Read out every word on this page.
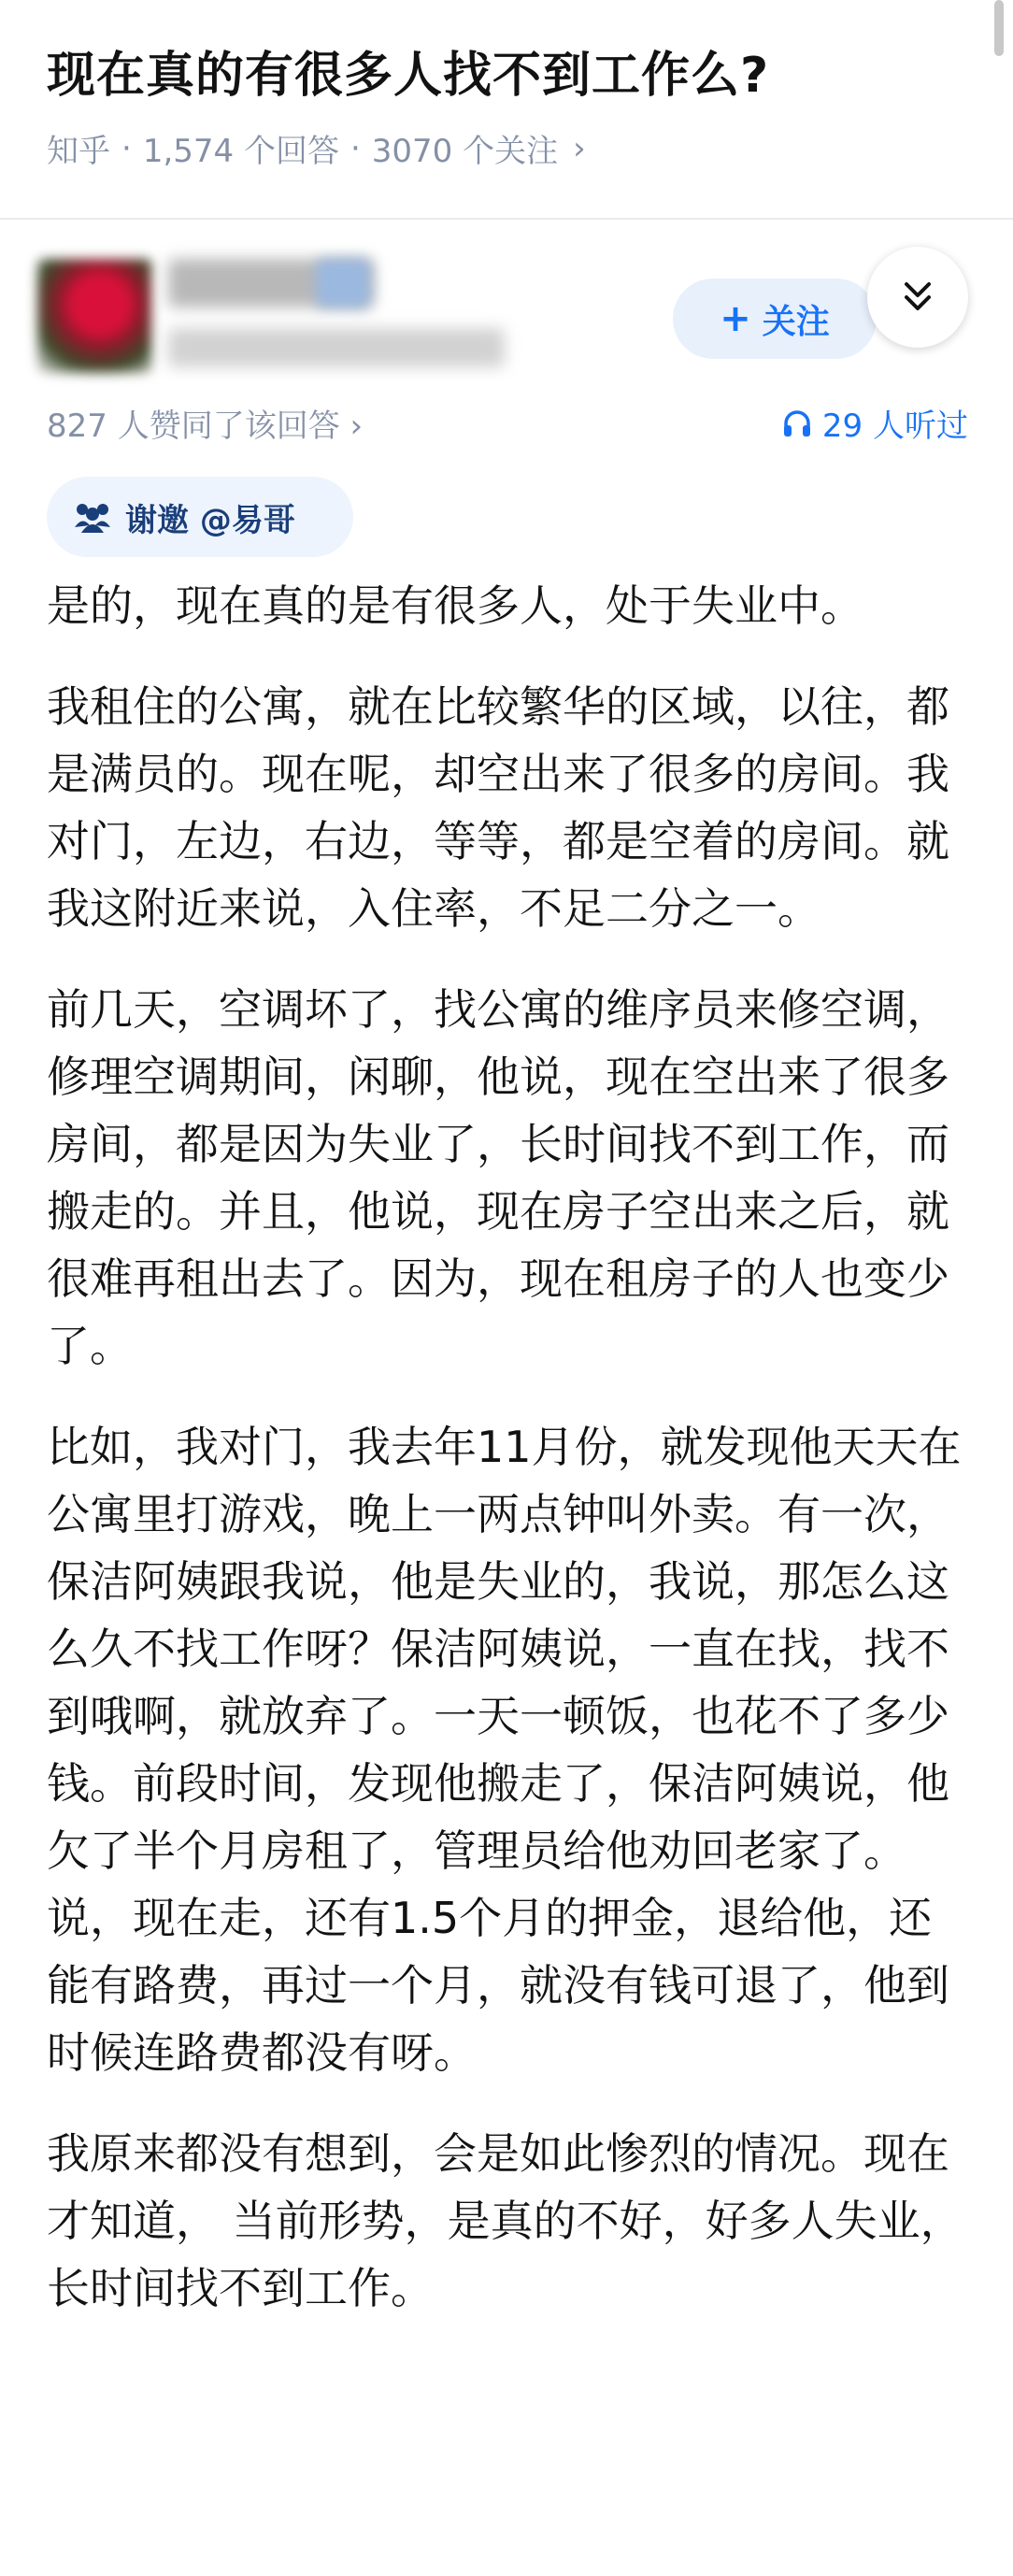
现在真的有很多人找不到工作么?
知乎 · 1,574 个回答 · 3070 个关注 ›
+ 关注
827 人赞同了该回答 ›	29 人听过
谢邀 @易哥

是的，现在真的是有很多人，处于失业中。

我租住的公寓，就在比较繁华的区域，以往，都是满员的。现在呢，却空出来了很多的房间。我对门，左边，右边，等等，都是空着的房间。就我这附近来说，入住率，不足二分之一。

前几天，空调坏了，找公寓的维序员来修空调，修理空调期间，闲聊，他说，现在空出来了很多房间，都是因为失业了，长时间找不到工作，而搬走的。并且，他说，现在房子空出来之后，就很难再租出去了。因为，现在租房子的人也变少了。

比如，我对门，我去年11月份，就发现他天天在公寓里打游戏，晚上一两点钟叫外卖。有一次，保洁阿姨跟我说，他是失业的，我说，那怎么这么久不找工作呀？保洁阿姨说，一直在找，找不到哦啊，就放弃了。一天一顿饭，也花不了多少钱。前段时间，发现他搬走了，保洁阿姨说，他欠了半个月房租了，管理员给他劝回老家了。说，现在走，还有1.5个月的押金，退给他，还能有路费，再过一个月，就没有钱可退了，他到时候连路费都没有呀。

我原来都没有想到，会是如此惨烈的情况。现在才知道， 当前形势，是真的不好，好多人失业，长时间找不到工作。
